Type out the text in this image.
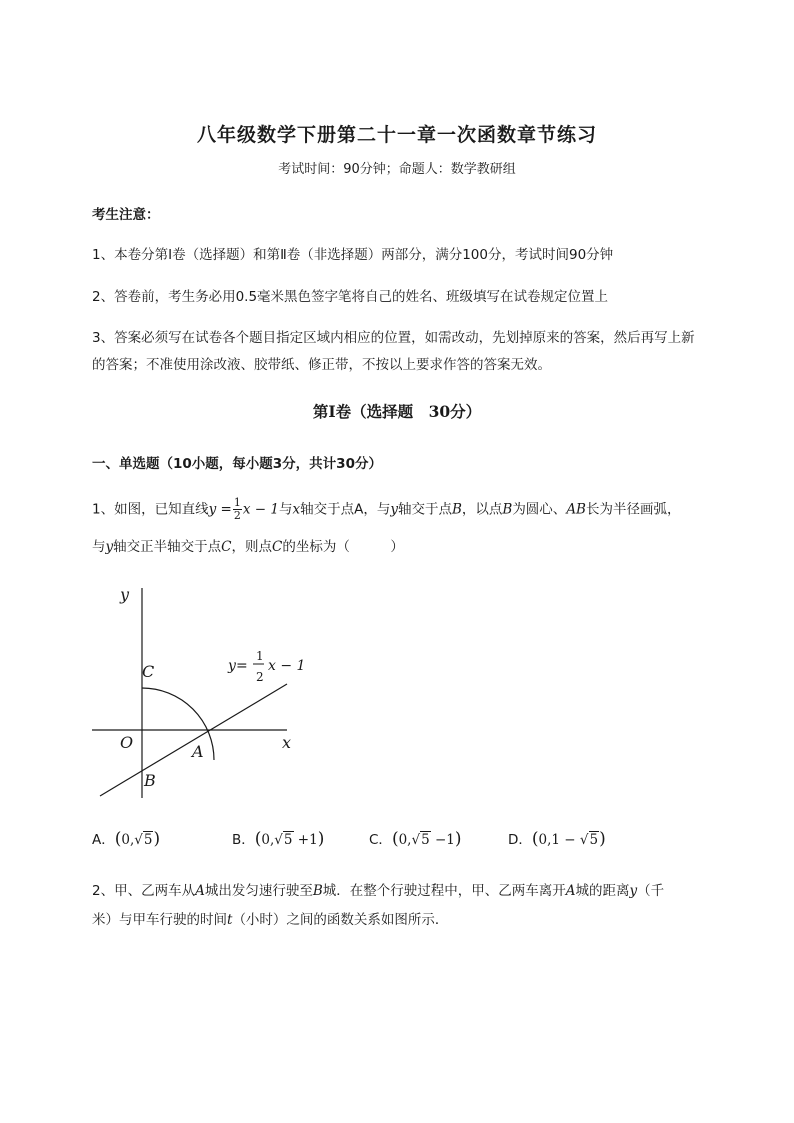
八年级数学下册第二十一章一次函数章节练习
考试时间：90分钟；命题人：数学教研组
考生注意：
1、本卷分第I卷（选择题）和第Ⅱ卷（非选择题）两部分，满分100分，考试时间90分钟
2、答卷前，考生务必用0.5毫米黑色签字笔将自己的姓名、班级填写在试卷规定位置上
3、答案必须写在试卷各个题目指定区域内相应的位置，如需改动，先划掉原来的答案，然后再写上新
的答案；不准使用涂改液、胶带纸、修正带，不按以上要求作答的答案无效。
第I卷（选择题　30分）
一、单选题（10小题，每小题3分，共计30分）
1、如图，已知直线$y = \frac{1}{2}$ x − 1与x轴交于点A，与y轴交于点B，以点B为圆心、AB长为半径画弧，
与y轴交正半轴交于点C，则点C的坐标为（　　　）
y
x
O
C
A
B
y =
1
2
x − 1
A．(0,√5)	B．(0,√5 +1)	C．(0,√5 −1)	D．(0,1 − √5)
2、甲、乙两车从A城出发匀速行驶至B城．在整个行驶过程中，甲、乙两车离开A城的距离y（千
米）与甲车行驶的时间t（小时）之间的函数关系如图所示．
